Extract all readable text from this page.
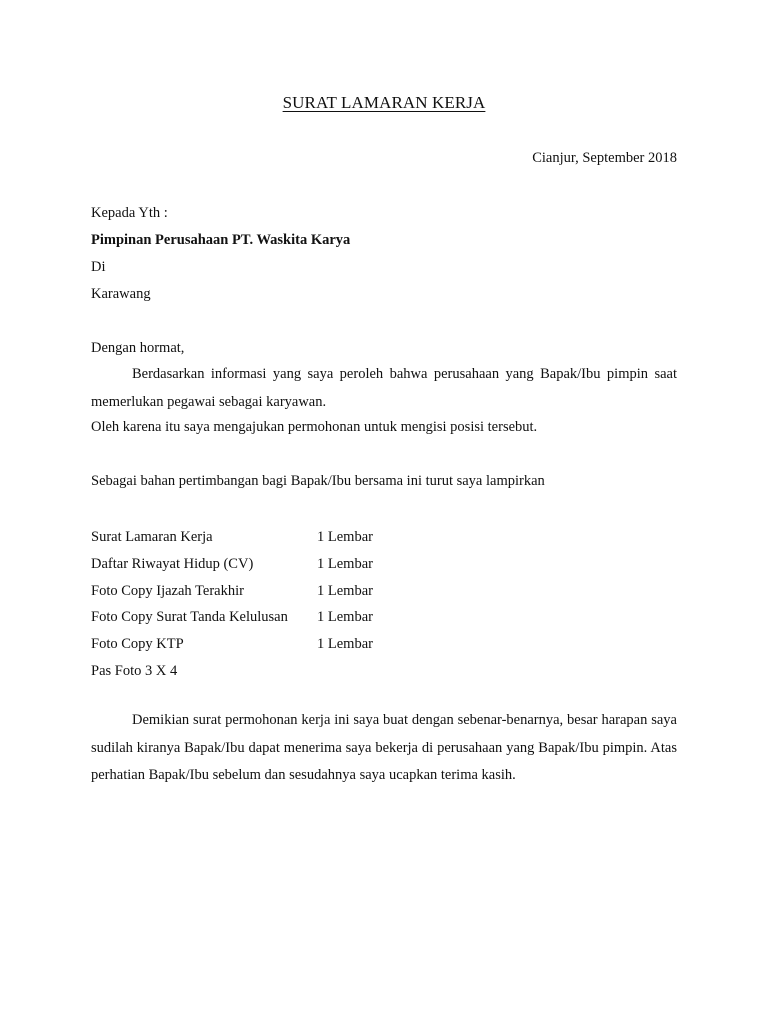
SURAT LAMARAN KERJA
Cianjur, September 2018
Kepada Yth :
Pimpinan Perusahaan PT. Waskita Karya
Di
Karawang
Dengan hormat,
Berdasarkan informasi yang saya peroleh bahwa perusahaan yang Bapak/Ibu pimpin saat memerlukan pegawai sebagai karyawan.
Oleh karena itu saya mengajukan permohonan untuk mengisi posisi tersebut.
Sebagai bahan pertimbangan bagi Bapak/Ibu bersama ini turut saya lampirkan
Surat Lamaran Kerja	1 Lembar
Daftar Riwayat Hidup (CV)	1 Lembar
Foto Copy Ijazah Terakhir	1 Lembar
Foto Copy Surat Tanda Kelulusan 1 Lembar
Foto Copy KTP	1 Lembar
Pas Foto 3 X 4
Demikian surat permohonan kerja ini saya buat dengan sebenar-benarnya, besar harapan saya sudilah kiranya Bapak/Ibu dapat menerima saya bekerja di perusahaan yang Bapak/Ibu pimpin. Atas perhatian Bapak/Ibu sebelum dan sesudahnya saya ucapkan terima kasih.
